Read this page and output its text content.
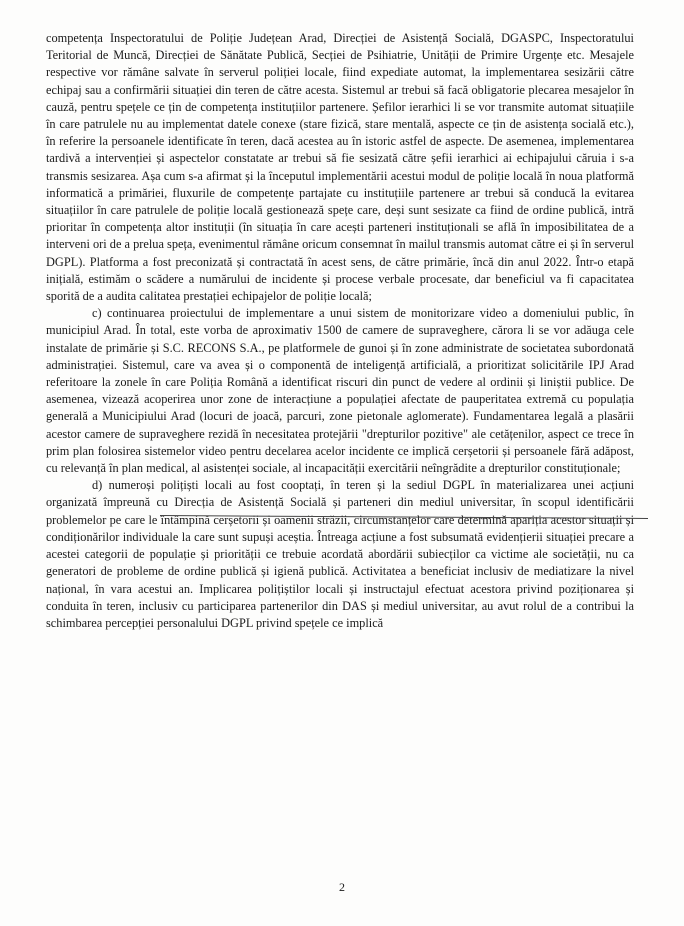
competența Inspectoratului de Poliție Județean Arad, Direcției de Asistență Socială, DGASPC, Inspectoratului Teritorial de Muncă, Direcției de Sănătate Publică, Secției de Psihiatrie, Unității de Primire Urgențe etc. Mesajele respective vor rămâne salvate în serverul poliției locale, fiind expediate automat, la implementarea sesizării către echipaj sau a confirmării situației din teren de către acesta. Sistemul ar trebui să facă obligatorie plecarea mesajelor în cauză, pentru spețele ce țin de competența instituțiilor partenere. Șefilor ierarhici li se vor transmite automat situațiile în care patrulele nu au implementat datele conexe (stare fizică, stare mentală, aspecte ce țin de asistența socială etc.), în referire la persoanele identificate în teren, dacă acestea au în istoric astfel de aspecte. De asemenea, implementarea tardivă a intervenției și aspectelor constatate ar trebui să fie sesizată către șefii ierarhici ai echipajului căruia i s-a transmis sesizarea. Așa cum s-a afirmat și la începutul implementării acestui modul de poliție locală în noua platformă informatică a primăriei, fluxurile de competențe partajate cu instituțiile partenere ar trebui să conducă la evitarea situațiilor în care patrulele de poliție locală gestionează spețe care, deși sunt sesizate ca fiind de ordine publică, intră prioritar în competența altor instituții (în situația în care acești parteneri instituționali se află în imposibilitatea de a interveni ori de a prelua speța, evenimentul rămâne oricum consemnat în mailul transmis automat către ei și în serverul DGPL). Platforma a fost preconizată și contractată în acest sens, de către primărie, încă din anul 2022. Într-o etapă inițială, estimăm o scădere a numărului de incidente și procese verbale procesate, dar beneficiul va fi capacitatea sporită de a audita calitatea prestației echipajelor de poliție locală;

c) continuarea proiectului de implementare a unui sistem de monitorizare video a domeniului public, în municipiul Arad. În total, este vorba de aproximativ 1500 de camere de supraveghere, cărora li se vor adăuga cele instalate de primărie și S.C. RECONS S.A., pe platformele de gunoi și în zone administrate de societatea subordonată administrației. Sistemul, care va avea și o componentă de inteligență artificială, a prioritizat solicitările IPJ Arad referitoare la zonele în care Poliția Română a identificat riscuri din punct de vedere al ordinii și liniștii publice. De asemenea, vizează acoperirea unor zone de interacțiune a populației afectate de pauperitatea extremă cu populația generală a Municipiului Arad (locuri de joacă, parcuri, zone pietonale aglomerate). Fundamentarea legală a plasării acestor camere de supraveghere rezidă în necesitatea protejării "drepturilor pozitive" ale cetățenilor, aspect ce trece în prim plan folosirea sistemelor video pentru decelarea acelor incidente ce implică cerșetorii și persoanele fără adăpost, cu relevanță în plan medical, al asistenței sociale, al incapacității exercitării neîngrădite a drepturilor constituționale;

d) numeroși polițiști locali au fost cooptați, în teren și la sediul DGPL în materializarea unei acțiuni organizată împreună cu Direcția de Asistență Socială și parteneri din mediul universitar, în scopul identificării problemelor pe care le întâmpină cerșetorii și oamenii străzii, circumstanțelor care determină apariția acestor situații și condiționărilor individuale la care sunt supuși aceștia. Întreaga acțiune a fost subsumată evidențierii situației precare a acestei categorii de populație și priorității ce trebuie acordată abordării subiecților ca victime ale societății, nu ca generatori de probleme de ordine publică și igienă publică. Activitatea a beneficiat inclusiv de mediatizare la nivel național, în vara acestui an. Implicarea polițiștilor locali și instructajul efectuat acestora privind poziționarea și conduita în teren, inclusiv cu participarea partenerilor din DAS și mediul universitar, au avut rolul de a contribui la schimbarea percepției personalului DGPL privind spețele ce implică

2
